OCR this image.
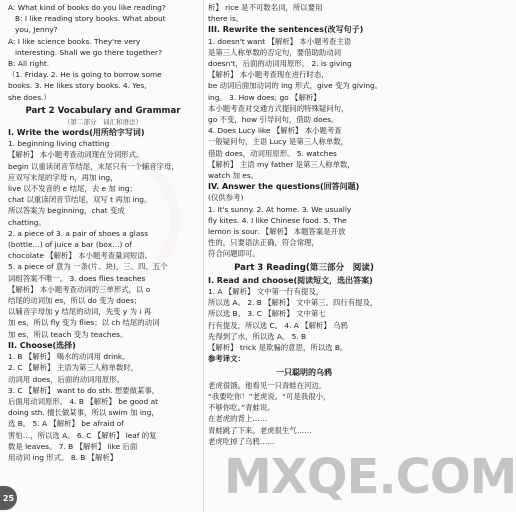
A: What kind of books do you like reading?
B: I like reading story books. What about
you, Jenny?
A: I like science books. They're very
interesting. Shall we go there together?
B: All right.
（1. Friday. 2. He is going to borrow some
books. 3. He likes story books. 4. Yes,
she does.）
Part 2 Vocabulary and Grammar
（第二部分　词汇和语法）
I. Write the words(用所给字写词)
1. beginning living chatting
【解析】 本小题考查动词现在分词形式。
begin 以重读闭音节结尾，末尾只有一个辅音字母，
应双写末尾的字母 n，再加 ing，
live 以不发音的 e 结尾，去 e 加 ing；
chat 以重读闭音节结尾，双写 t 再加 ing。
所以答案为 beginning，chat 变成
chatting。
2. a piece of 3. a pair of shoes a glass
(bottle…) of juice a bar (box…) of
chocolate 【解析】 本小题考查量词短语。
5. a piece of 意为 一条(片、块)，三、四、五个
词组答案不唯一。 3. does flies teaches
【解析】 本小题考查动词的三单形式，以 o
结尾的动词加 es，所以 do 变为 does；
以辅音字母加 y 结尾的动词，先变 y 为 i 再
加 es，所以 fly 变为 flies；以 ch 结尾的动词
加 es，所以 teach 变为 teaches。
II. Choose(选择)
1. B 【解析】 喝水的动词用 drink。
2. C 【解析】 主语为第三人称单数时，
动词用 does，后面的动词用原形。
3. C 【解析】 want to do sth. 想要做某事，
后面用动词原形。 4. B 【解析】 be good at
doing sth. 擅长做某事，所以 swim 加 ing，
选 B。 5. A 【解析】 be afraid of
害怕…，所以选 A。 6. C 【解析】 leaf 的复
数是 leaves。 7. B 【解析】 like 后面
用动词 ing 形式。 8. B 【解析】
析】 rice 是不可数名词，所以要用
there is。
III. Rewrite the sentences(改写句子)
1. doesn't want 【解析】 本小题考查主语
是第三人称单数的否定句，要借助助动词
doesn't，后面的动词用原形。 2. is giving
【解析】 本小题考查现在进行时态，
be 动词后面加动词的 ing 形式，give 变为 giving。
ing。 3. How does; go 【解析】
本小题考查对交通方式提问的特殊疑问句，
go 不变，how 引导问句，借助 does。
4. Does Lucy like 【解析】 本小题考查
一般疑问句，主语 Lucy 是第三人称单数，
借助 does，动词用原形。 5. watches
【解析】 主语 my father 是第三人称单数，
watch 加 es。
IV. Answer the questions(回答问题)
(仅供参考)
1. It's sunny. 2. At home. 3. We usually
fly kites. 4. I like Chinese food. 5. The
lemon is sour. 【解析】 本题答案是开放
性的，只要语法正确，符合常理，
符合问题即可。
Part 3 Reading(第三部分　阅读)
I. Read and choose(阅读短文，选出答案)
1. A 【解析】 文中第一行有提及，
所以选 A。 2. B 【解析】 文中第三、四行有提及，
所以选 B。 3. C 【解析】 文中第七
行有提及，所以选 C。 4. A 【解析】 乌鸦
先得到了水，所以选 A。 5. B
【解析】 trick 是欺骗的意思，所以选 B。
参考译文：
一只聪明的乌鸦
老虎很饿。他看见一只青蛙在河边。
“我要吃你！”老虎说。“可是我很小，
不够你吃。”青蛙说。
在老虎的背上……
青蛙跳了下来。老虎很生气……
老虎吃掉了乌鸦……
25	MXQE.COM
